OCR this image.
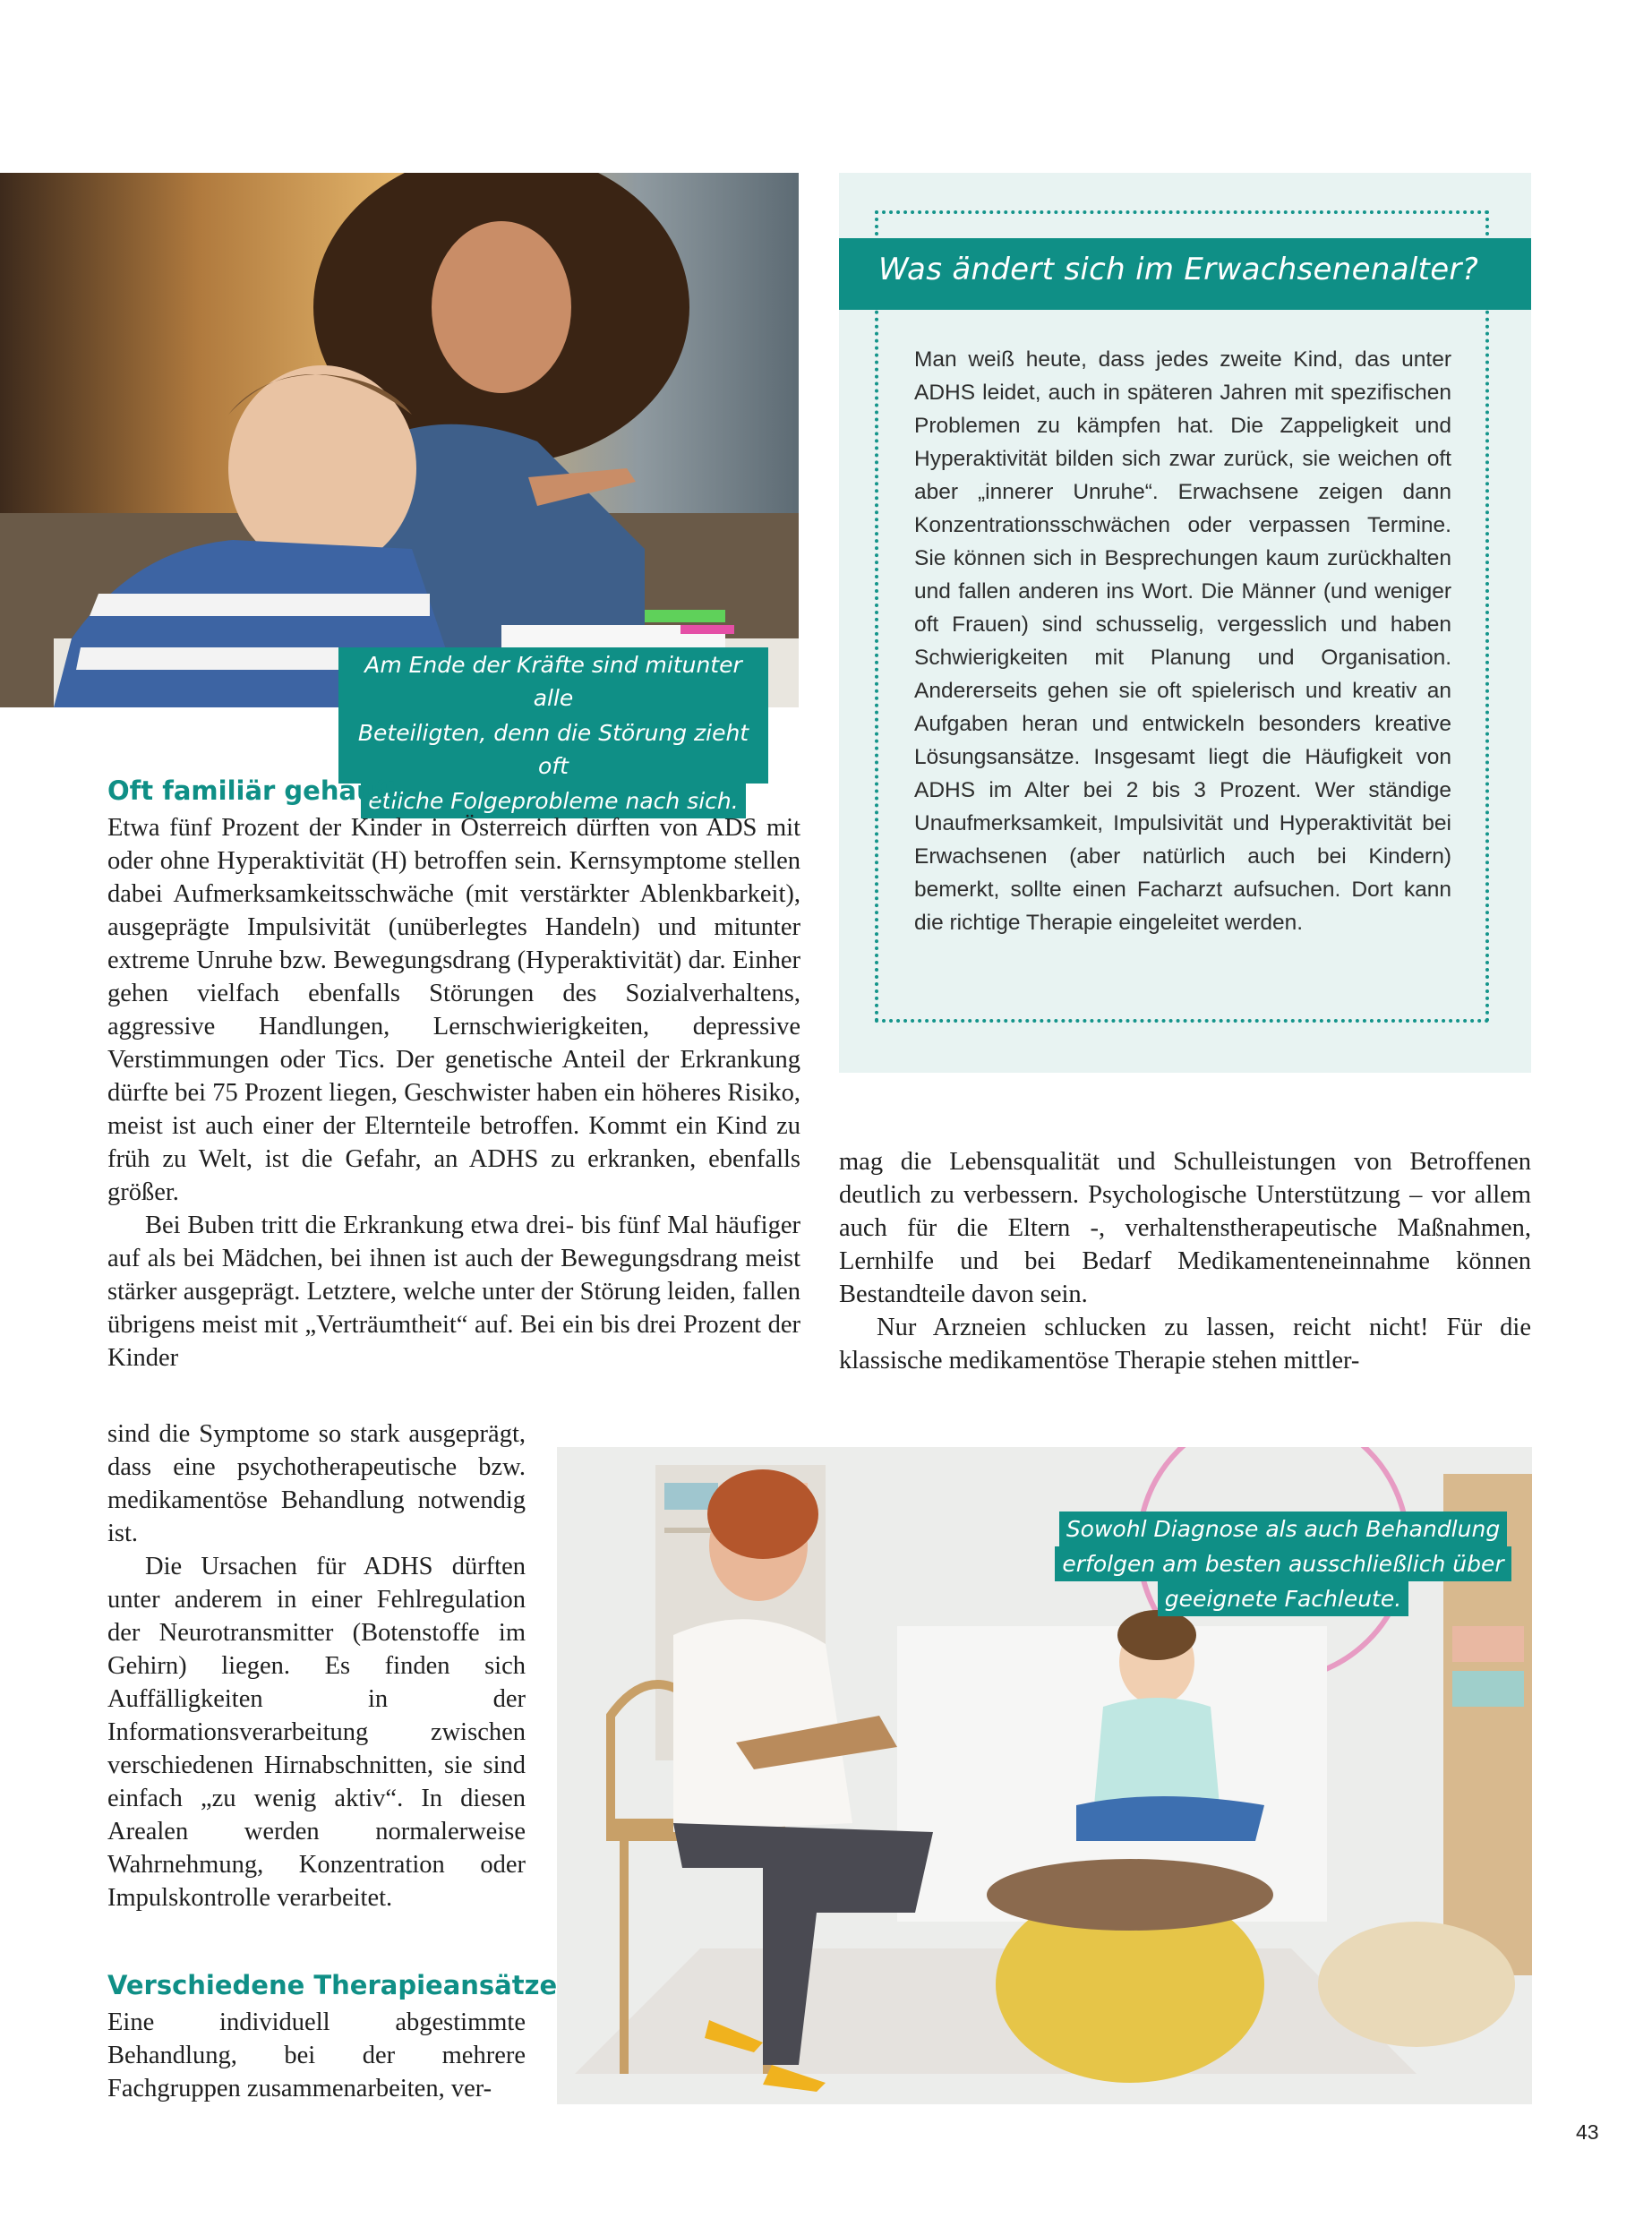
Am Ende der Kräfte sind mitunter alle
Beteiligten, denn die Störung zieht oft
etliche Folgeprobleme nach sich.
Was ändert sich im Erwachsenenalter?

Man weiß heute, dass jedes zweite Kind, das unter ADHS leidet, auch in späteren Jahren mit spezifischen Problemen zu kämpfen hat. Die Zappeligkeit und Hyperaktivität bilden sich zwar zurück, sie weichen oft aber „innerer Unruhe“. Erwachsene zeigen dann Konzentrationsschwächen oder verpassen Termine. Sie können sich in Besprechungen kaum zurückhalten und fallen anderen ins Wort. Die Männer (und weniger oft Frauen) sind schusselig, vergesslich und haben Schwierigkeiten mit Planung und Organisation. Andererseits gehen sie oft spielerisch und kreativ an Aufgaben heran und entwickeln besonders kreative Lösungsansätze. Insgesamt liegt die Häufigkeit von ADHS im Alter bei 2 bis 3 Prozent. Wer ständige Unaufmerksamkeit, Impulsivität und Hyperaktivität bei Erwachsenen (aber natürlich auch bei Kindern) bemerkt, sollte einen Facharzt aufsuchen. Dort kann die richtige Therapie eingeleitet werden.

Oft familiär gehäuft

Etwa fünf Prozent der Kinder in Österreich dürften von ADS mit oder ohne Hyperaktivität (H) betroffen sein. Kernsymptome stellen dabei Aufmerksamkeitsschwäche (mit verstärkter Ablenkbarkeit), ausgeprägte Impulsivität (unüberlegtes Handeln) und mitunter extreme Unruhe bzw. Bewegungsdrang (Hyperaktivität) dar. Einher gehen vielfach ebenfalls Störungen des Sozialverhaltens, aggressive Handlungen, Lernschwierigkeiten, depressive Verstimmungen oder Tics. Der genetische Anteil der Erkrankung dürfte bei 75 Prozent liegen, Geschwister haben ein höheres Risiko, meist ist auch einer der Elternteile betroffen. Kommt ein Kind zu früh zu Welt, ist die Gefahr, an ADHS zu erkranken, ebenfalls größer.

Bei Buben tritt die Erkrankung etwa drei- bis fünf Mal häufiger auf als bei Mädchen, bei ihnen ist auch der Bewegungsdrang meist stärker ausgeprägt. Letztere, welche unter der Störung leiden, fallen übrigens meist mit „Verträumtheit“ auf. Bei ein bis drei Prozent der Kinder

sind die Symptome so stark ausgeprägt, dass eine psychotherapeutische bzw. medikamentöse Behandlung notwendig ist.

Die Ursachen für ADHS dürften unter anderem in einer Fehlregulation der Neurotransmitter (Botenstoffe im Gehirn) liegen. Es finden sich Auffälligkeiten in der Informationsverarbeitung zwischen verschiedenen Hirnabschnitten, sie sind einfach „zu wenig aktiv“. In diesen Arealen werden normalerweise Wahrnehmung, Konzentration oder Impulskontrolle verarbeitet.

Verschiedene Therapieansätze

Eine individuell abgestimmte Behandlung, bei der mehrere Fachgruppen zusammenarbeiten, ver-

mag die Lebensqualität und Schulleistungen von Betroffenen deutlich zu verbessern. Psychologische Unterstützung – vor allem auch für die Eltern -, verhaltenstherapeutische Maßnahmen, Lernhilfe und bei Bedarf Medikamenteneinnahme können Bestandteile davon sein.

Nur Arzneien schlucken zu lassen, reicht nicht! Für die klassische medikamentöse Therapie stehen mittler-

Sowohl Diagnose als auch Behandlung
erfolgen am besten ausschließlich über
geeignete Fachleute.
43
